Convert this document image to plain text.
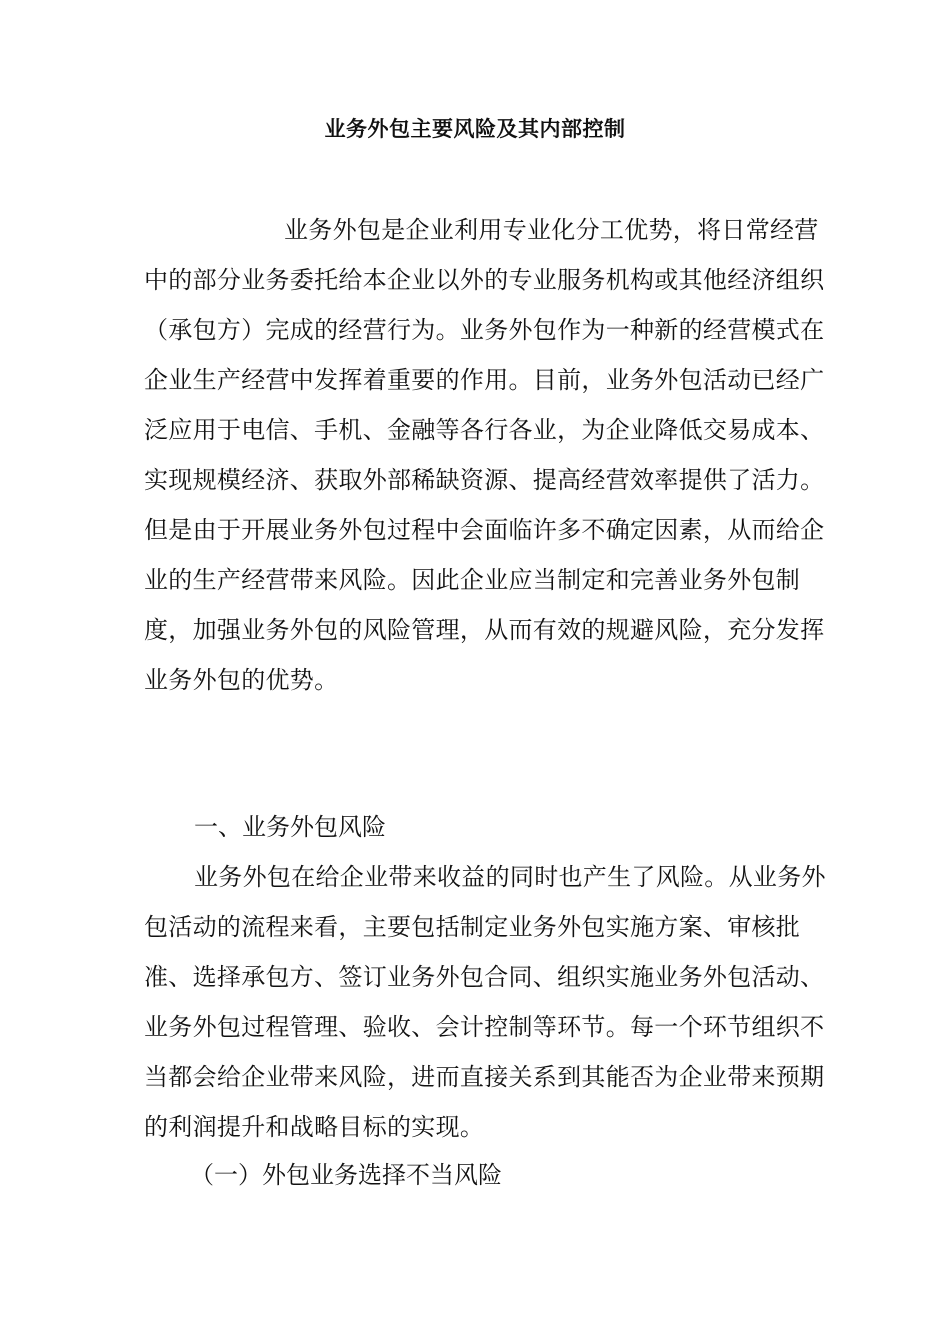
业务外包主要风险及其内部控制

业务外包是企业利用专业化分工优势，将日常经营中的部分业务委托给本企业以外的专业服务机构或其他经济组织（承包方）完成的经营行为。业务外包作为一种新的经营模式在企业生产经营中发挥着重要的作用。目前，业务外包活动已经广泛应用于电信、手机、金融等各行各业，为企业降低交易成本、实现规模经济、获取外部稀缺资源、提高经营效率提供了活力。但是由于开展业务外包过程中会面临许多不确定因素，从而给企业的生产经营带来风险。因此企业应当制定和完善业务外包制度，加强业务外包的风险管理，从而有效的规避风险，充分发挥业务外包的优势。

一、业务外包风险

业务外包在给企业带来收益的同时也产生了风险。从业务外包活动的流程来看，主要包括制定业务外包实施方案、审核批准、选择承包方、签订业务外包合同、组织实施业务外包活动、业务外包过程管理、验收、会计控制等环节。每一个环节组织不当都会给企业带来风险，进而直接关系到其能否为企业带来预期的利润提升和战略目标的实现。

（一）外包业务选择不当风险
